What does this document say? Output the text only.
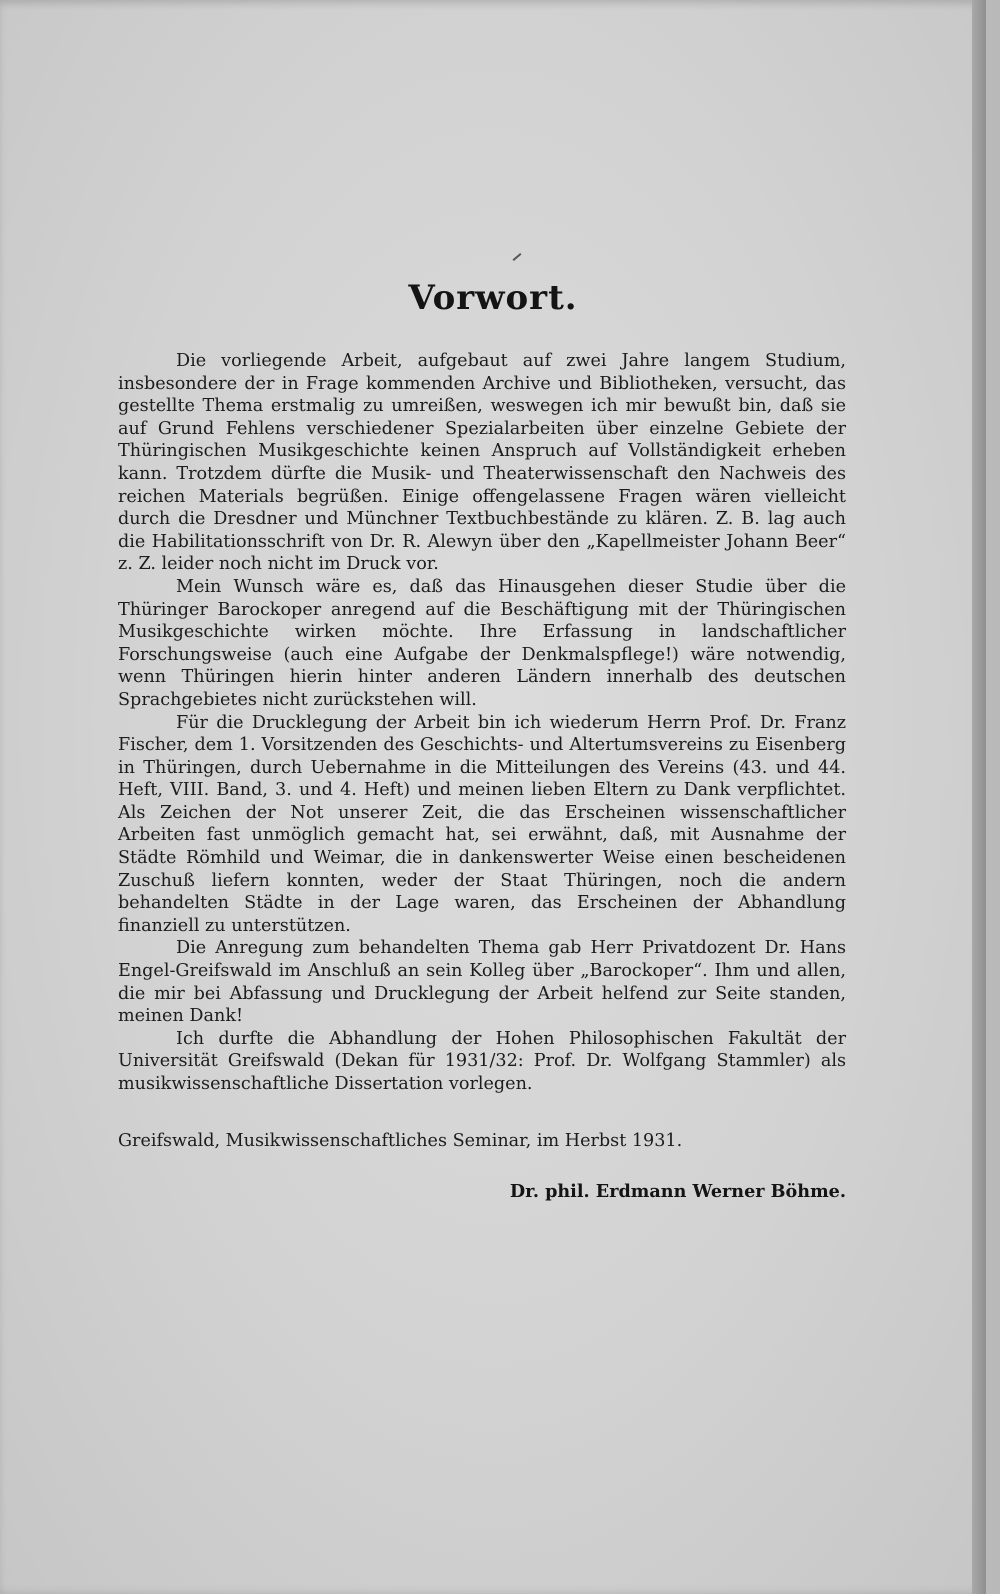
Vorwort.

Die vorliegende Arbeit, aufgebaut auf zwei Jahre langem Studium, insbesondere der in Frage kommenden Archive und Bibliotheken, versucht, das gestellte Thema erstmalig zu umreißen, weswegen ich mir bewußt bin, daß sie auf Grund Fehlens verschiedener Spezialarbeiten über einzelne Gebiete der Thüringischen Musikgeschichte keinen Anspruch auf Vollständigkeit erheben kann. Trotzdem dürfte die Musik- und Theaterwissenschaft den Nachweis des reichen Materials begrüßen. Einige offengelassene Fragen wären vielleicht durch die Dresdner und Münchner Textbuchbestände zu klären. Z. B. lag auch die Habilitationsschrift von Dr. R. Alewyn über den „Kapellmeister Johann Beer“ z. Z. leider noch nicht im Druck vor.

Mein Wunsch wäre es, daß das Hinausgehen dieser Studie über die Thüringer Barockoper anregend auf die Beschäftigung mit der Thüringischen Musikgeschichte wirken möchte. Ihre Erfassung in landschaftlicher Forschungsweise (auch eine Aufgabe der Denkmalspflege!) wäre notwendig, wenn Thüringen hierin hinter anderen Ländern innerhalb des deutschen Sprachgebietes nicht zurückstehen will.

Für die Drucklegung der Arbeit bin ich wiederum Herrn Prof. Dr. Franz Fischer, dem 1. Vorsitzenden des Geschichts- und Altertumsvereins zu Eisenberg in Thüringen, durch Uebernahme in die Mitteilungen des Vereins (43. und 44. Heft, VIII. Band, 3. und 4. Heft) und meinen lieben Eltern zu Dank verpflichtet. Als Zeichen der Not unserer Zeit, die das Erscheinen wissenschaftlicher Arbeiten fast unmöglich gemacht hat, sei erwähnt, daß, mit Ausnahme der Städte Römhild und Weimar, die in dankenswerter Weise einen bescheidenen Zuschuß liefern konnten, weder der Staat Thüringen, noch die andern behandelten Städte in der Lage waren, das Erscheinen der Abhandlung finanziell zu unterstützen.

Die Anregung zum behandelten Thema gab Herr Privatdozent Dr. Hans Engel-Greifswald im Anschluß an sein Kolleg über „Barockoper“. Ihm und allen, die mir bei Abfassung und Drucklegung der Arbeit helfend zur Seite standen, meinen Dank!

Ich durfte die Abhandlung der Hohen Philosophischen Fakultät der Universität Greifswald (Dekan für 1931/32: Prof. Dr. Wolfgang Stammler) als musikwissenschaftliche Dissertation vorlegen.

Greifswald, Musikwissenschaftliches Seminar, im Herbst 1931.
Dr. phil. Erdmann Werner Böhme.
